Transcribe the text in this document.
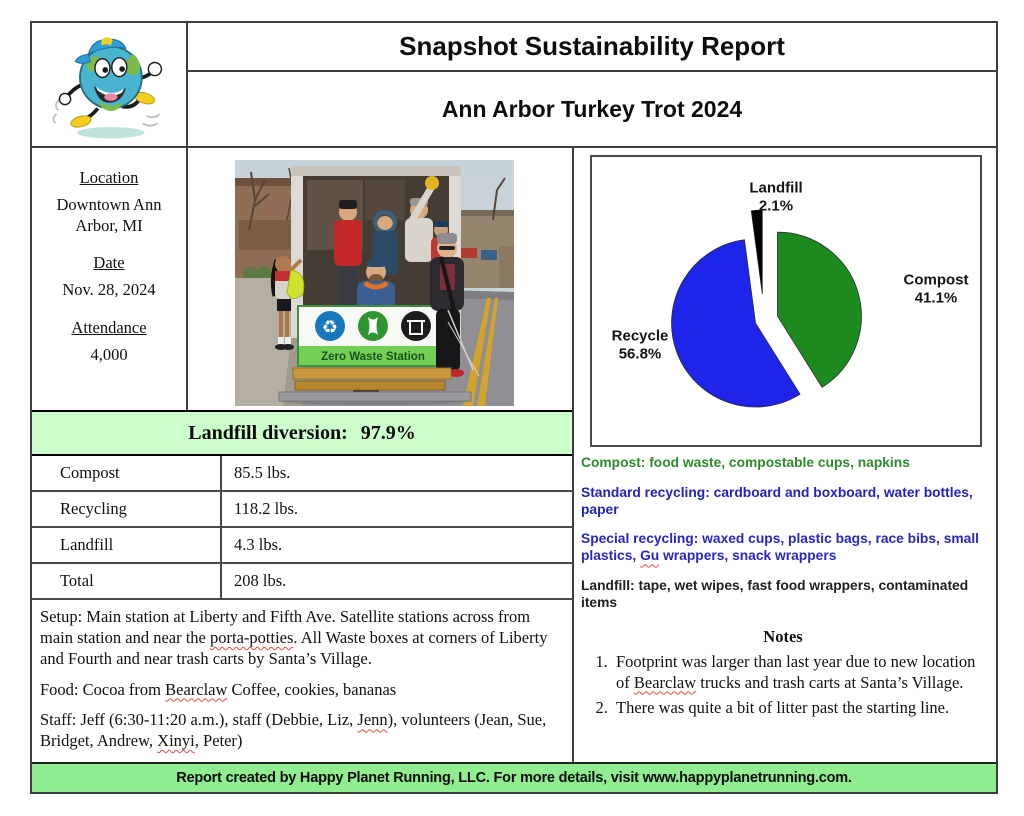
Snapshot Sustainability Report
Ann Arbor Turkey Trot 2024
Location
Downtown Ann Arbor, MI
Date
Nov. 28, 2024
Attendance
4,000
♻
Zero Waste Station
Landfill diversion: 97.9%
Compost	85.5 lbs.
Recycling	118.2 lbs.
Landfill	4.3 lbs.
Total	208 lbs.

Setup: Main station at Liberty and Fifth Ave. Satellite stations across from main station and near the porta-potties. All Waste boxes at corners of Liberty and Fourth and near trash carts by Santa’s Village.

Food: Cocoa from Bearclaw Coffee, cookies, bananas

Staff: Jeff (6:30-11:20 a.m.), staff (Debbie, Liz, Jenn), volunteers (Jean, Sue, Bridget, Andrew, Xinyi, Peter)

Compost
41.1%
Recycle
56.8%
Landfill
2.1%

Compost: food waste, compostable cups, napkins

Standard recycling: cardboard and boxboard, water bottles, paper

Special recycling: waxed cups, plastic bags, race bibs, small plastics, Gu wrappers, snack wrappers

Landfill: tape, wet wipes, fast food wrappers, contaminated items

Notes
1. Footprint was larger than last year due to new location of Bearclaw trucks and trash carts at Santa’s Village.
2. There was quite a bit of litter past the starting line.
Report created by Happy Planet Running, LLC. For more details, visit www.happyplanetrunning.com.
